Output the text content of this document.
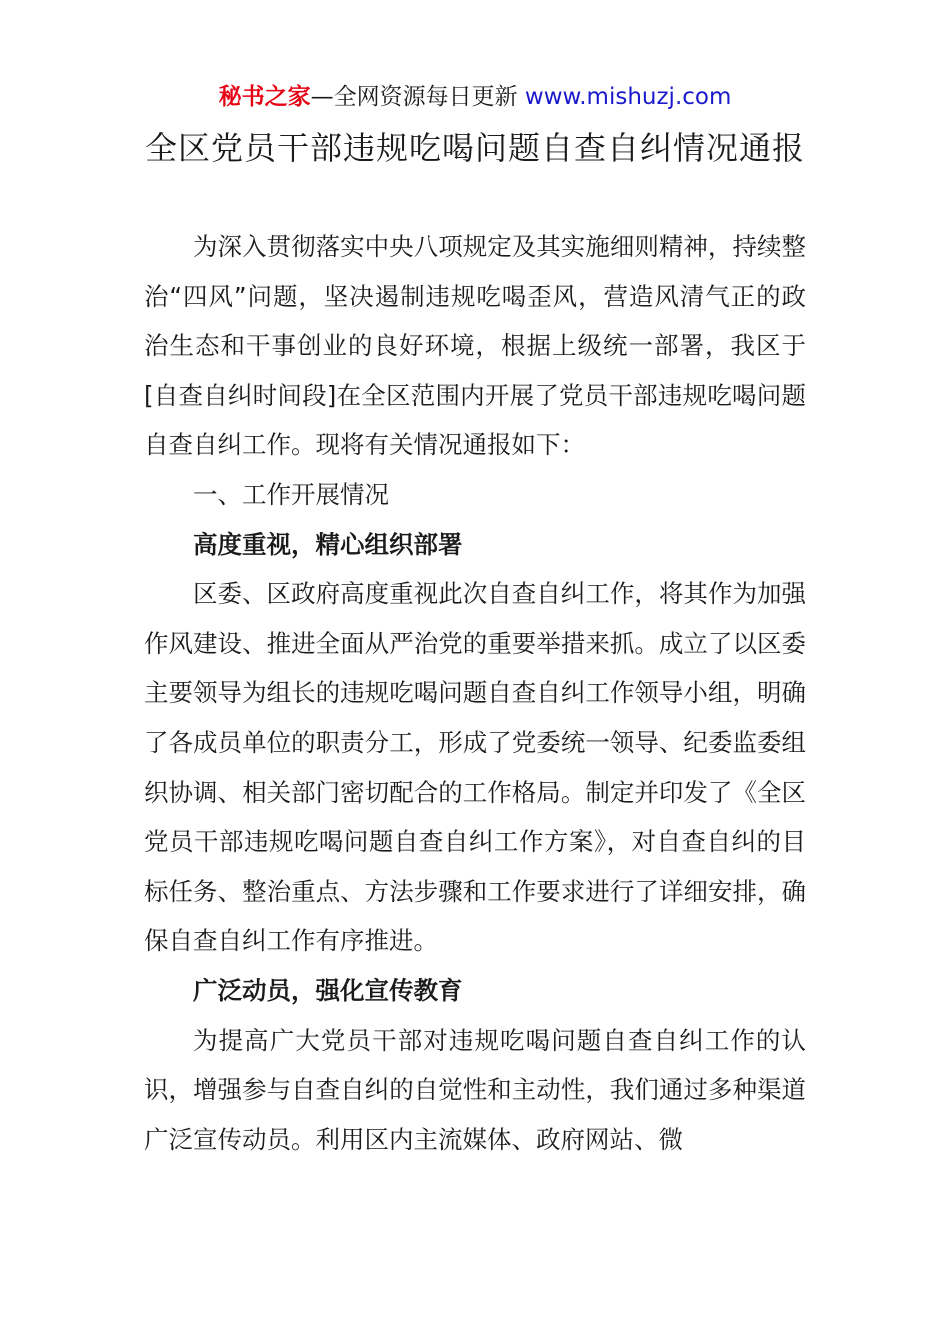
秘书之家—全网资源每日更新 www.mishuzj.com
全区党员干部违规吃喝问题自查自纠情况通报

为深入贯彻落实中央八项规定及其实施细则精神，持续整治“四风”问题，坚决遏制违规吃喝歪风，营造风清气正的政治生态和干事创业的良好环境，根据上级统一部署，我区于[自查自纠时间段]在全区范围内开展了党员干部违规吃喝问题自查自纠工作。现将有关情况通报如下：

一、工作开展情况

高度重视，精心组织部署

区委、区政府高度重视此次自查自纠工作，将其作为加强作风建设、推进全面从严治党的重要举措来抓。成立了以区委主要领导为组长的违规吃喝问题自查自纠工作领导小组，明确了各成员单位的职责分工，形成了党委统一领导、纪委监委组织协调、相关部门密切配合的工作格局。制定并印发了《全区党员干部违规吃喝问题自查自纠工作方案》，对自查自纠的目标任务、整治重点、方法步骤和工作要求进行了详细安排，确保自查自纠工作有序推进。

广泛动员，强化宣传教育

为提高广大党员干部对违规吃喝问题自查自纠工作的认识，增强参与自查自纠的自觉性和主动性，我们通过多种渠道广泛宣传动员。利用区内主流媒体、政府网站、微
